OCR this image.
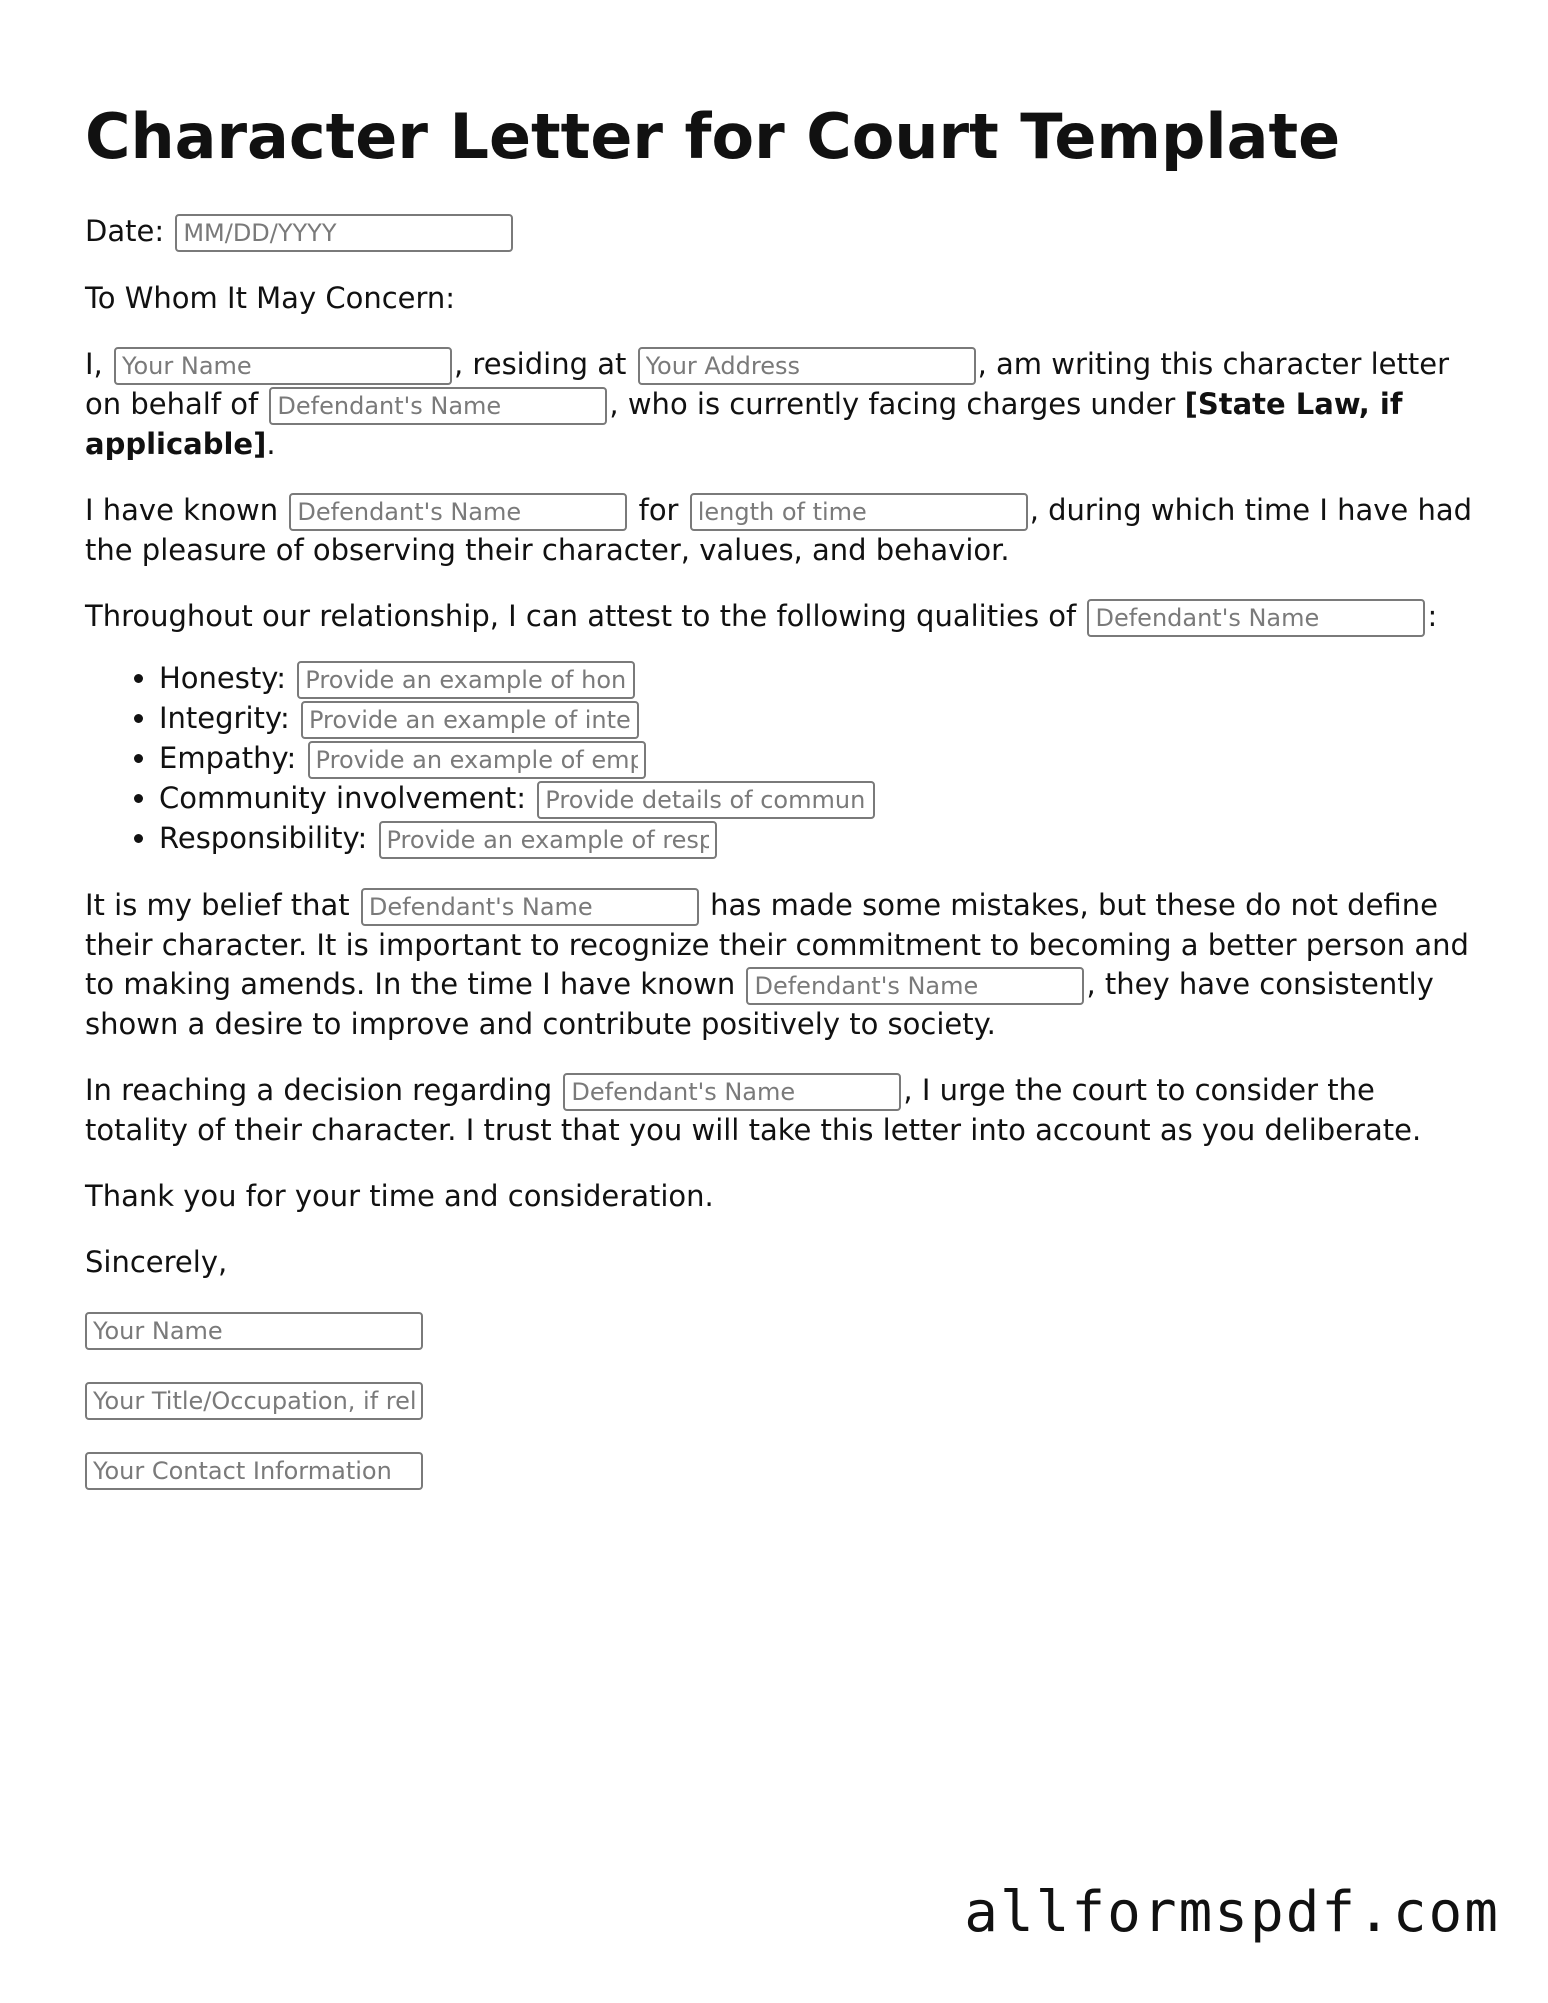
Character Letter for Court Template

Date: MM/DD/YYYY

To Whom It May Concern:

I, Your Name	, residing at Your Address	, am writing this character letter on behalf of Defendant's Name	, who is currently facing charges under [State Law, if applicable].

I have known Defendant's Name	for length of time	, during which time I have had the pleasure of observing their character, values, and behavior.

Throughout our relationship, I can attest to the following qualities of Defendant's Name	:

• Honesty: Provide an example of honesty
• Integrity: Provide an example of integrity
• Empathy: Provide an example of empathy
• Community involvement: Provide details of community involvement
• Responsibility: Provide an example of responsibility

It is my belief that Defendant's Name	has made some mistakes, but these do not define their character. It is important to recognize their commitment to becoming a better person and to making amends. In the time I have known Defendant's Name	, they have consistently shown a desire to improve and contribute positively to society.

In reaching a decision regarding Defendant's Name	, I urge the court to consider the totality of their character. I trust that you will take this letter into account as you deliberate.

Thank you for your time and consideration.

Sincerely,

Your Name
Your Title/Occupation, if relevant
Your Contact Information
allformspdf.com
